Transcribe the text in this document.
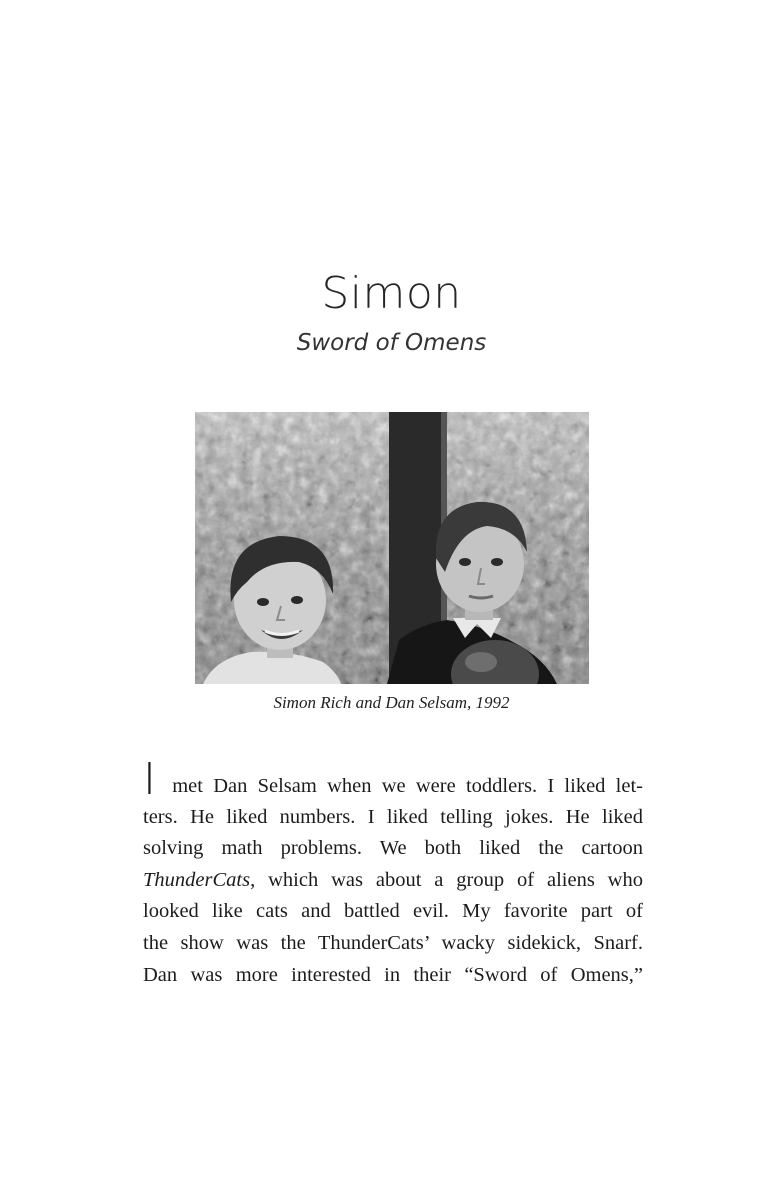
Simon
Sword of Omens
Simon Rich and Dan Selsam, 1992
I met Dan Selsam when we were toddlers. I liked let-
ters. He liked numbers. I liked telling jokes. He liked
solving math problems. We both liked the cartoon
ThunderCats, which was about a group of aliens who
looked like cats and battled evil. My favorite part of
the show was the ThunderCats’ wacky sidekick, Snarf.
Dan was more interested in their “Sword of Omens,”
